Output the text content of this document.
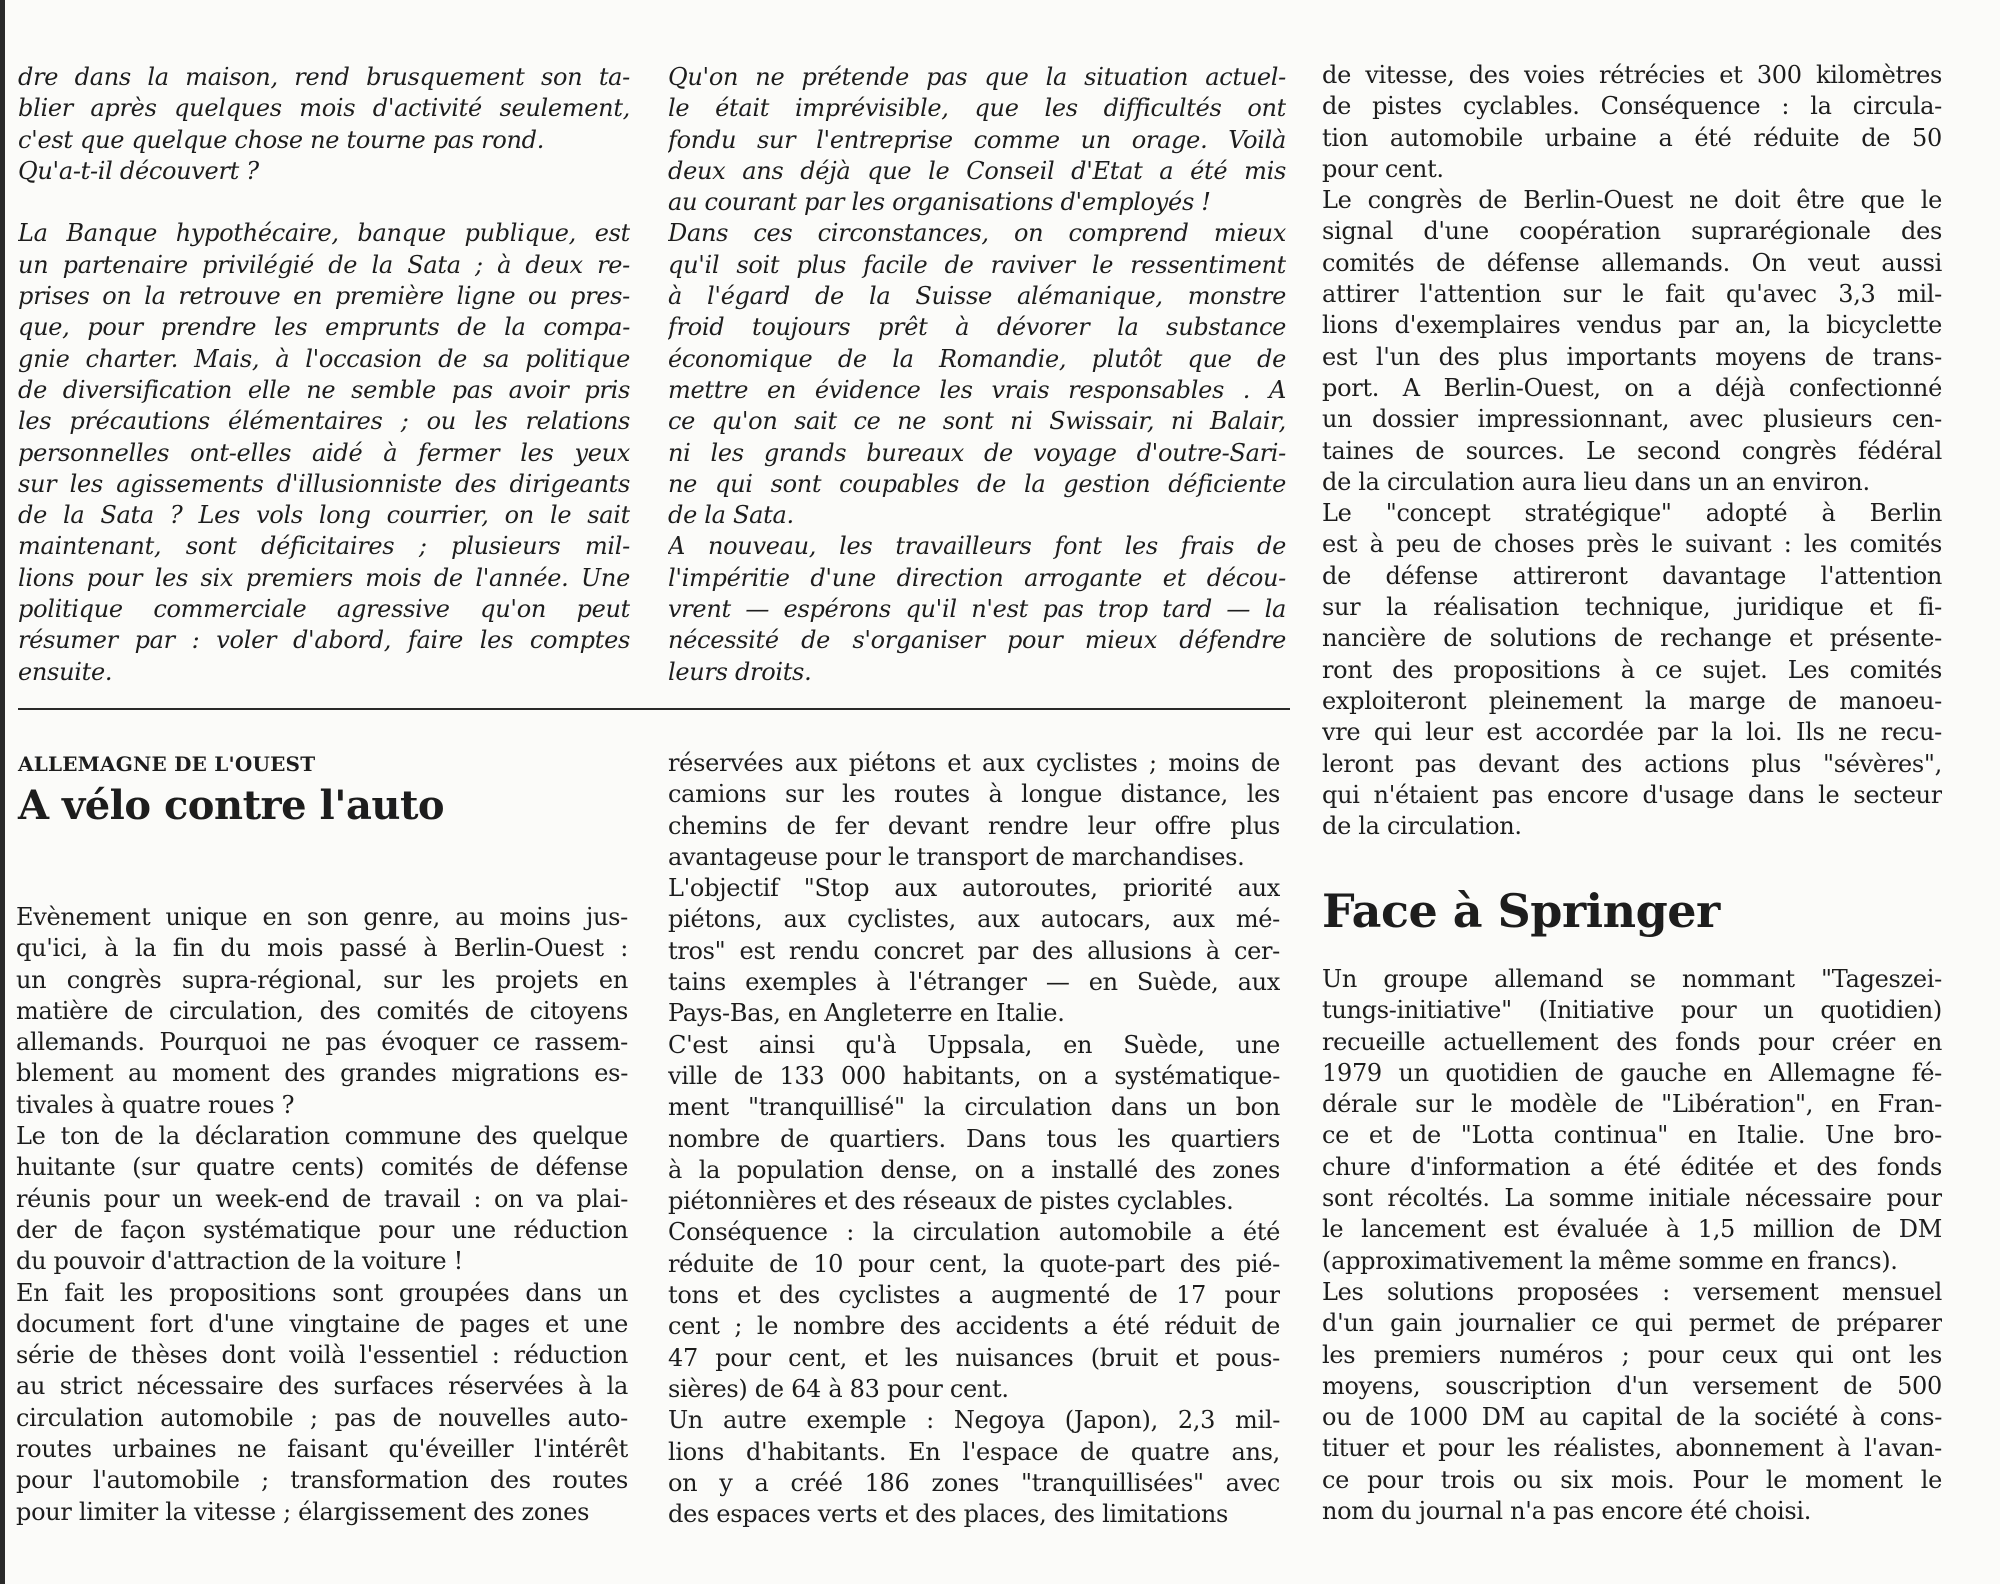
dre dans la maison, rend brusquement son ta-
blier après quelques mois d'activité seulement,
c'est que quelque chose ne tourne pas rond.
Qu'a-t-il découvert ?
La Banque hypothécaire, banque publique, est
un partenaire privilégié de la Sata ; à deux re-
prises on la retrouve en première ligne ou pres-
que, pour prendre les emprunts de la compa-
gnie charter. Mais, à l'occasion de sa politique
de diversification elle ne semble pas avoir pris
les précautions élémentaires ; ou les relations
personnelles ont-elles aidé à fermer les yeux
sur les agissements d'illusionniste des dirigeants
de la Sata ? Les vols long courrier, on le sait
maintenant, sont déficitaires ; plusieurs mil-
lions pour les six premiers mois de l'année. Une
politique commerciale agressive qu'on peut
résumer par : voler d'abord, faire les comptes
ensuite.
Qu'on ne prétende pas que la situation actuel-
le était imprévisible, que les difficultés ont
fondu sur l'entreprise comme un orage. Voilà
deux ans déjà que le Conseil d'Etat a été mis
au courant par les organisations d'employés !
Dans ces circonstances, on comprend mieux
qu'il soit plus facile de raviver le ressentiment
à l'égard de la Suisse alémanique, monstre
froid toujours prêt à dévorer la substance
économique de la Romandie, plutôt que de
mettre en évidence les vrais responsables . A
ce qu'on sait ce ne sont ni Swissair, ni Balair,
ni les grands bureaux de voyage d'outre-Sari-
ne qui sont coupables de la gestion déficiente
de la Sata.
A nouveau, les travailleurs font les frais de
l'impéritie d'une direction arrogante et décou-
vrent — espérons qu'il n'est pas trop tard — la
nécessité de s'organiser pour mieux défendre
leurs droits.
ALLEMAGNE DE L'OUEST
A vélo contre l'auto
Evènement unique en son genre, au moins jus-
qu'ici, à la fin du mois passé à Berlin-Ouest :
un congrès supra-régional, sur les projets en
matière de circulation, des comités de citoyens
allemands. Pourquoi ne pas évoquer ce rassem-
blement au moment des grandes migrations es-
tivales à quatre roues ?
Le ton de la déclaration commune des quelque
huitante (sur quatre cents) comités de défense
réunis pour un week-end de travail : on va plai-
der de façon systématique pour une réduction
du pouvoir d'attraction de la voiture !
En fait les propositions sont groupées dans un
document fort d'une vingtaine de pages et une
série de thèses dont voilà l'essentiel : réduction
au strict nécessaire des surfaces réservées à la
circulation automobile ; pas de nouvelles auto-
routes urbaines ne faisant qu'éveiller l'intérêt
pour l'automobile ; transformation des routes
pour limiter la vitesse ; élargissement des zones
réservées aux piétons et aux cyclistes ; moins de
camions sur les routes à longue distance, les
chemins de fer devant rendre leur offre plus
avantageuse pour le transport de marchandises.
L'objectif "Stop aux autoroutes, priorité aux
piétons, aux cyclistes, aux autocars, aux mé-
tros" est rendu concret par des allusions à cer-
tains exemples à l'étranger — en Suède, aux
Pays-Bas, en Angleterre en Italie.
C'est ainsi qu'à Uppsala, en Suède, une
ville de 133 000 habitants, on a systématique-
ment "tranquillisé" la circulation dans un bon
nombre de quartiers. Dans tous les quartiers
à la population dense, on a installé des zones
piétonnières et des réseaux de pistes cyclables.
Conséquence : la circulation automobile a été
réduite de 10 pour cent, la quote-part des pié-
tons et des cyclistes a augmenté de 17 pour
cent ; le nombre des accidents a été réduit de
47 pour cent, et les nuisances (bruit et pous-
sières) de 64 à 83 pour cent.
Un autre exemple : Negoya (Japon), 2,3 mil-
lions d'habitants. En l'espace de quatre ans,
on y a créé 186 zones "tranquillisées" avec
des espaces verts et des places, des limitations
de vitesse, des voies rétrécies et 300 kilomètres
de pistes cyclables. Conséquence : la circula-
tion automobile urbaine a été réduite de 50
pour cent.
Le congrès de Berlin-Ouest ne doit être que le
signal d'une coopération suprarégionale des
comités de défense allemands. On veut aussi
attirer l'attention sur le fait qu'avec 3,3 mil-
lions d'exemplaires vendus par an, la bicyclette
est l'un des plus importants moyens de trans-
port. A Berlin-Ouest, on a déjà confectionné
un dossier impressionnant, avec plusieurs cen-
taines de sources. Le second congrès fédéral
de la circulation aura lieu dans un an environ.
Le "concept stratégique" adopté à Berlin
est à peu de choses près le suivant : les comités
de défense attireront davantage l'attention
sur la réalisation technique, juridique et fi-
nancière de solutions de rechange et présente-
ront des propositions à ce sujet. Les comités
exploiteront pleinement la marge de manoeu-
vre qui leur est accordée par la loi. Ils ne recu-
leront pas devant des actions plus "sévères",
qui n'étaient pas encore d'usage dans le secteur
de la circulation.
Face à Springer
Un groupe allemand se nommant "Tageszei-
tungs-initiative" (Initiative pour un quotidien)
recueille actuellement des fonds pour créer en
1979 un quotidien de gauche en Allemagne fé-
dérale sur le modèle de "Libération", en Fran-
ce et de "Lotta continua" en Italie. Une bro-
chure d'information a été éditée et des fonds
sont récoltés. La somme initiale nécessaire pour
le lancement est évaluée à 1,5 million de DM
(approximativement la même somme en francs).
Les solutions proposées : versement mensuel
d'un gain journalier ce qui permet de préparer
les premiers numéros ; pour ceux qui ont les
moyens, souscription d'un versement de 500
ou de 1000 DM au capital de la société à cons-
tituer et pour les réalistes, abonnement à l'avan-
ce pour trois ou six mois. Pour le moment le
nom du journal n'a pas encore été choisi.
